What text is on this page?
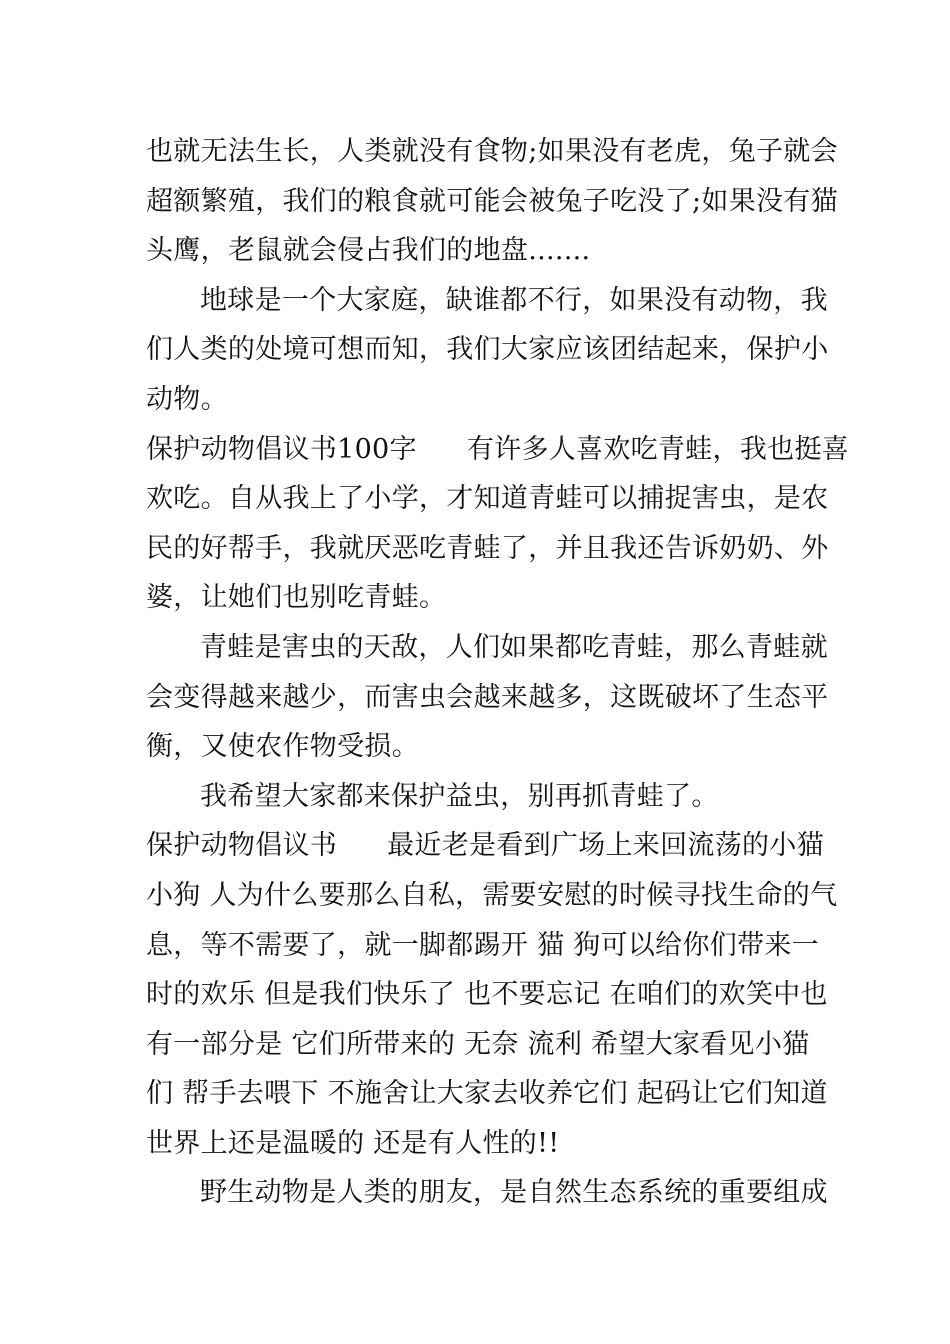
也就无法生长，人类就没有食物;如果没有老虎，兔子就会
超额繁殖，我们的粮食就可能会被兔子吃没了;如果没有猫
头鹰，老鼠就会侵占我们的地盘.......
地球是一个大家庭，缺谁都不行，如果没有动物，我
们人类的处境可想而知，我们大家应该团结起来，保护小
动物。
保护动物倡议书100字 有许多人喜欢吃青蛙，我也挺喜
欢吃。自从我上了小学，才知道青蛙可以捕捉害虫，是农
民的好帮手，我就厌恶吃青蛙了，并且我还告诉奶奶、外
婆，让她们也别吃青蛙。
青蛙是害虫的天敌，人们如果都吃青蛙，那么青蛙就
会变得越来越少，而害虫会越来越多，这既破坏了生态平
衡，又使农作物受损。
我希望大家都来保护益虫，别再抓青蛙了。
保护动物倡议书 最近老是看到广场上来回流荡的小猫
小狗 人为什么要那么自私，需要安慰的时候寻找生命的气
息，等不需要了，就一脚都踢开 猫 狗可以给你们带来一
时的欢乐 但是我们快乐了 也不要忘记 在咱们的欢笑中也
有一部分是 它们所带来的 无奈 流利 希望大家看见小猫
们 帮手去喂下 不施舍让大家去收养它们 起码让它们知道
世界上还是温暖的 还是有人性的!!
野生动物是人类的朋友，是自然生态系统的重要组成
